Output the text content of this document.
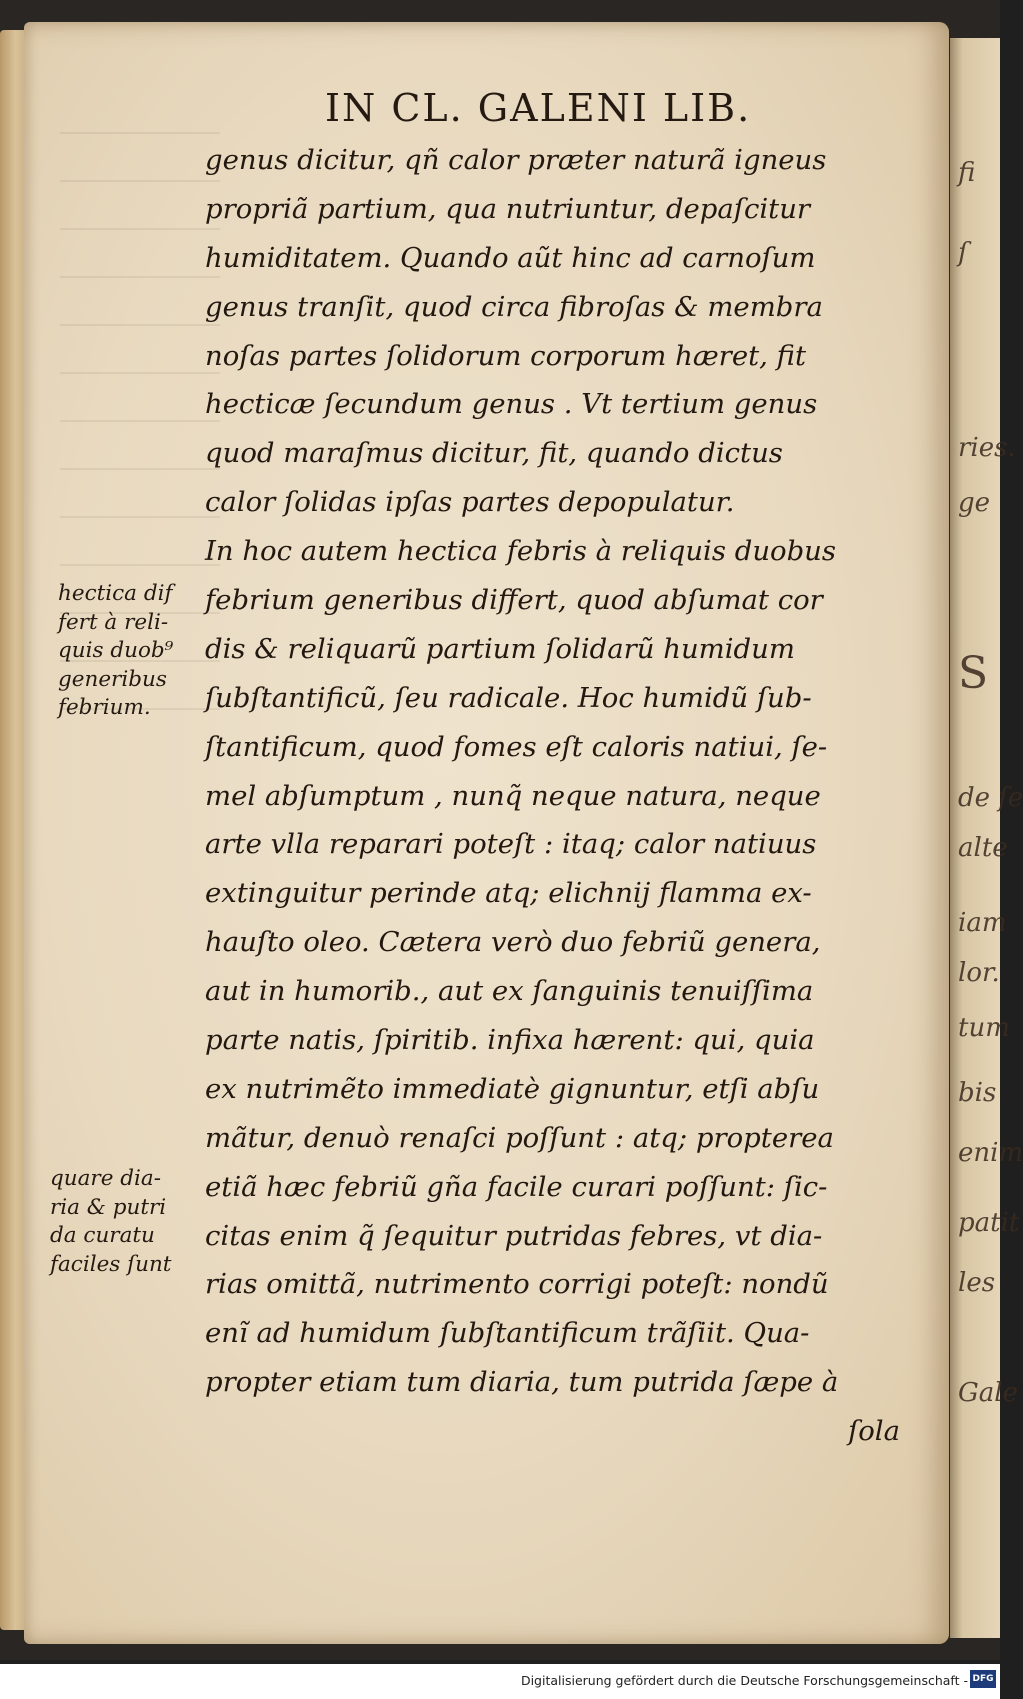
fi
ſ
ries.
ge
S
de ſe
alte
iam
lor.
tum
bis
enim
patit
les
Gale
IN CL. GALENI LIB.
genus dicitur, qñ calor præter naturã igneus
propriã partium, qua nutriuntur, depaſcitur
humiditatem. Quando aũt hinc ad carnoſum
genus tranſit, quod circa fibroſas & membra
noſas partes ſolidorum corporum hæret, fit
hecticæ ſecundum genus . Vt tertium genus
quod maraſmus dicitur, fit, quando dictus
calor ſolidas ipſas partes depopulatur.
In hoc autem hectica febris à reliquis duobus
febrium generibus differt, quod abſumat cor
dis & reliquarũ partium ſolidarũ humidum
ſubſtantificũ, ſeu radicale. Hoc humidũ ſub-
ſtantificum, quod fomes eſt caloris natiui, ſe-
mel abſumptum , nunq̃ neque natura, neque
arte vlla reparari poteſt : itaq; calor natiuus
extinguitur perinde atq; elichnij flamma ex-
hauſto oleo. Cætera verò duo febriũ genera,
aut in humorib., aut ex ſanguinis tenuiſſima
parte natis, ſpiritib. infixa hærent: qui, quia
ex nutrimẽto immediatè gignuntur, etſi abſu
mãtur, denuò renaſci poſſunt : atq; propterea
etiã hæc febriũ gña facile curari poſſunt: ſic-
citas enim q̃ ſequitur putridas febres, vt dia-
rias omittã, nutrimento corrigi poteſt: nondũ
enĩ ad humidum ſubſtantificum trãſiit. Qua-
propter etiam tum diaria, tum putrida ſæpe à
ſola
hectica dif
fert à reli-
quis duob⁹
generibus
febrium.
quare dia-
ria & putri
da curatu
faciles ſunt
Digitalisierung gefördert durch die Deutsche Forschungsgemeinschaft - DFG
